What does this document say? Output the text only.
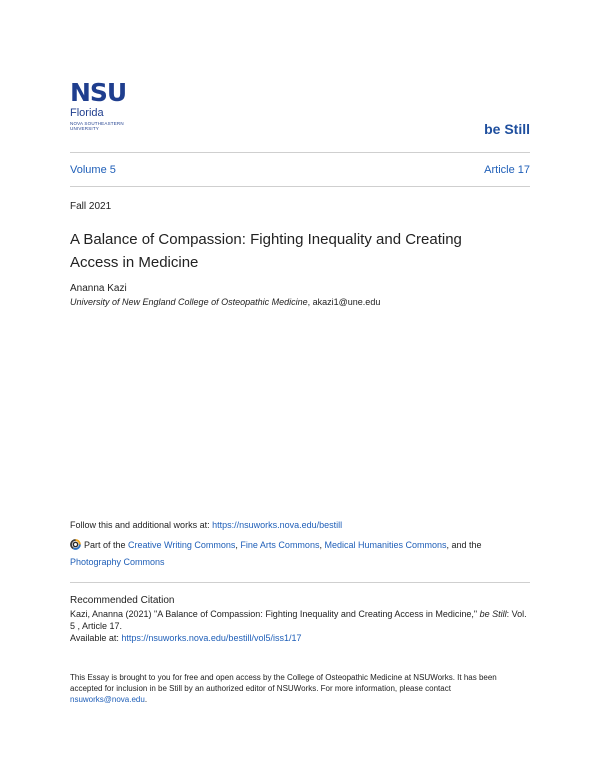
NSU
Florida
NOVA SOUTHEASTERN UNIVERSITY	be Still
Volume 5	Article 17
Fall 2021
A Balance of Compassion: Fighting Inequality and Creating Access in Medicine
Ananna Kazi
University of New England College of Osteopathic Medicine, akazi1@une.edu
Follow this and additional works at: https://nsuworks.nova.edu/bestill
Part of the Creative Writing Commons, Fine Arts Commons, Medical Humanities Commons, and the
Photography Commons
Recommended Citation
Kazi, Ananna (2021) "A Balance of Compassion: Fighting Inequality and Creating Access in Medicine," be Still: Vol. 5 , Article 17.
Available at: https://nsuworks.nova.edu/bestill/vol5/iss1/17
This Essay is brought to you for free and open access by the College of Osteopathic Medicine at NSUWorks. It has been accepted for inclusion in be Still by an authorized editor of NSUWorks. For more information, please contact nsuworks@nova.edu.
